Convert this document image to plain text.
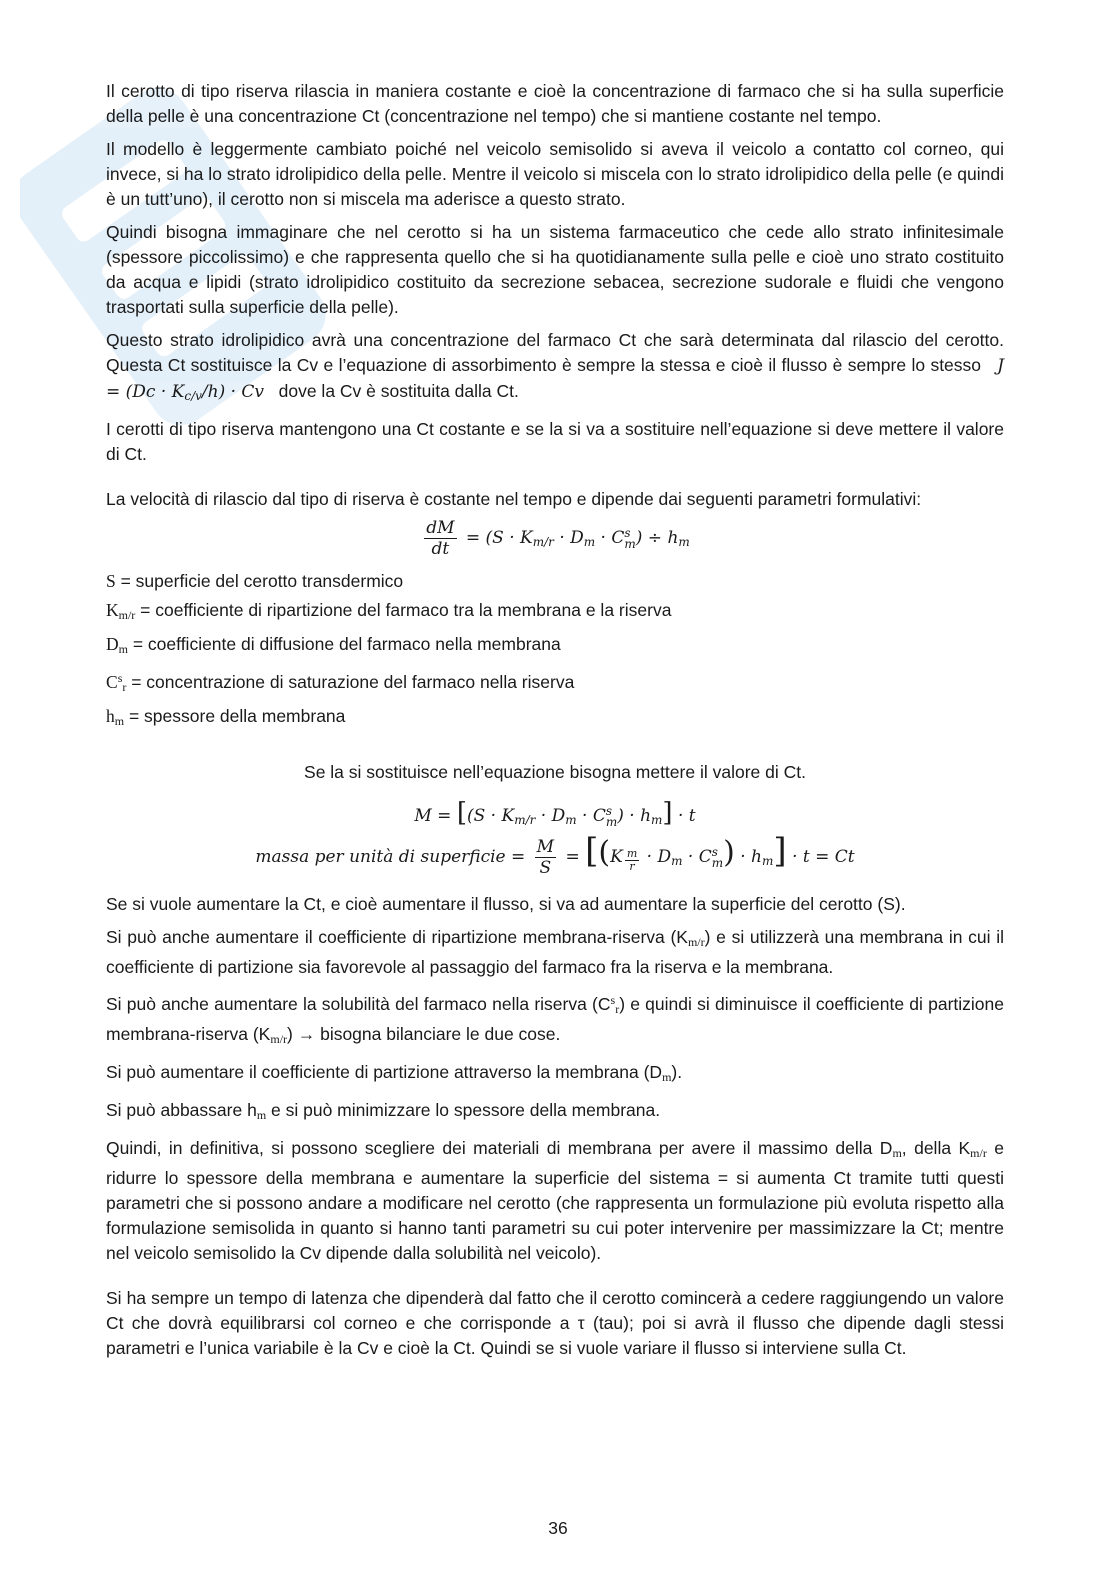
Il cerotto di tipo riserva rilascia in maniera costante e cioè la concentrazione di farmaco che si ha sulla superficie della pelle è una concentrazione Ct (concentrazione nel tempo) che si mantiene costante nel tempo.

Il modello è leggermente cambiato poiché nel veicolo semisolido si aveva il veicolo a contatto col corneo, qui invece, si ha lo strato idrolipidico della pelle. Mentre il veicolo si miscela con lo strato idrolipidico della pelle (e quindi è un tutt’uno), il cerotto non si miscela ma aderisce a questo strato.

Quindi bisogna immaginare che nel cerotto si ha un sistema farmaceutico che cede allo strato infinitesimale (spessore piccolissimo) e che rappresenta quello che si ha quotidianamente sulla pelle e cioè uno strato costituito da acqua e lipidi (strato idrolipidico costituito da secrezione sebacea, secrezione sudorale e fluidi che vengono trasportati sulla superficie della pelle).

Questo strato idrolipidico avrà una concentrazione del farmaco Ct che sarà determinata dal rilascio del cerotto. Questa Ct sostituisce la Cv e l’equazione di assorbimento è sempre la stessa e cioè il flusso è sempre lo stesso $J = (Dc \cdot K_{c/v}/h) \cdot Cv$ dove la Cv è sostituita dalla Ct.

I cerotti di tipo riserva mantengono una Ct costante e se la si va a sostituire nell’equazione si deve mettere il valore di Ct.

La velocità di rilascio dal tipo di riserva è costante nel tempo e dipende dai seguenti parametri formulativi:

$\frac{dM}{dt} = (S \cdot K_{m/r} \cdot D_m \cdot C$ s
m ) ÷ $h_m$

S = superficie del cerotto transdermico

$K_{m/r}$ = coefficiente di ripartizione del farmaco tra la membrana e la riserva

$D_m$ = coefficiente di diffusione del farmaco nella membrana

$C^s_r$ = concentrazione di saturazione del farmaco nella riserva

$h_m$ = spessore della membrana

Se la si sostituisce nell’equazione bisogna mettere il valore di Ct.

$M = [(S \cdot K_{m/r} \cdot D_m \cdot C$ s
m ) · $h_m] \cdot t$
massa per unità di superficie = $\frac{M}{S} = [(K \frac{m}{r} \cdot D_m \cdot C$ s
m ) · $h_m] \cdot t = Ct$

Se si vuole aumentare la Ct, e cioè aumentare il flusso, si va ad aumentare la superficie del cerotto (S).

Si può anche aumentare il coefficiente di ripartizione membrana-riserva $(K_{m/r})$ e si utilizzerà una membrana in cui il coefficiente di partizione sia favorevole al passaggio del farmaco fra la riserva e la membrana.

Si può anche aumentare la solubilità del farmaco nella riserva $(C^s_r)$ e quindi si diminuisce il coefficiente di partizione membrana-riserva $(K_{m/r})$ → bisogna bilanciare le due cose.

Si può aumentare il coefficiente di partizione attraverso la membrana $(D_m)$.

Si può abbassare $h_m$ e si può minimizzare lo spessore della membrana.

Quindi, in definitiva, si possono scegliere dei materiali di membrana per avere il massimo della $D_m$, della $K_{m/r}$ e ridurre lo spessore della membrana e aumentare la superficie del sistema = si aumenta Ct tramite tutti questi parametri che si possono andare a modificare nel cerotto (che rappresenta un formulazione più evoluta rispetto alla formulazione semisolida in quanto si hanno tanti parametri su cui poter intervenire per massimizzare la Ct; mentre nel veicolo semisolido la Cv dipende dalla solubilità nel veicolo).

Si ha sempre un tempo di latenza che dipenderà dal fatto che il cerotto comincerà a cedere raggiungendo un valore Ct che dovrà equilibrarsi col corneo e che corrisponde a τ (tau); poi si avrà il flusso che dipende dagli stessi parametri e l’unica variabile è la Cv e cioè la Ct. Quindi se si vuole variare il flusso si interviene sulla Ct.

36
